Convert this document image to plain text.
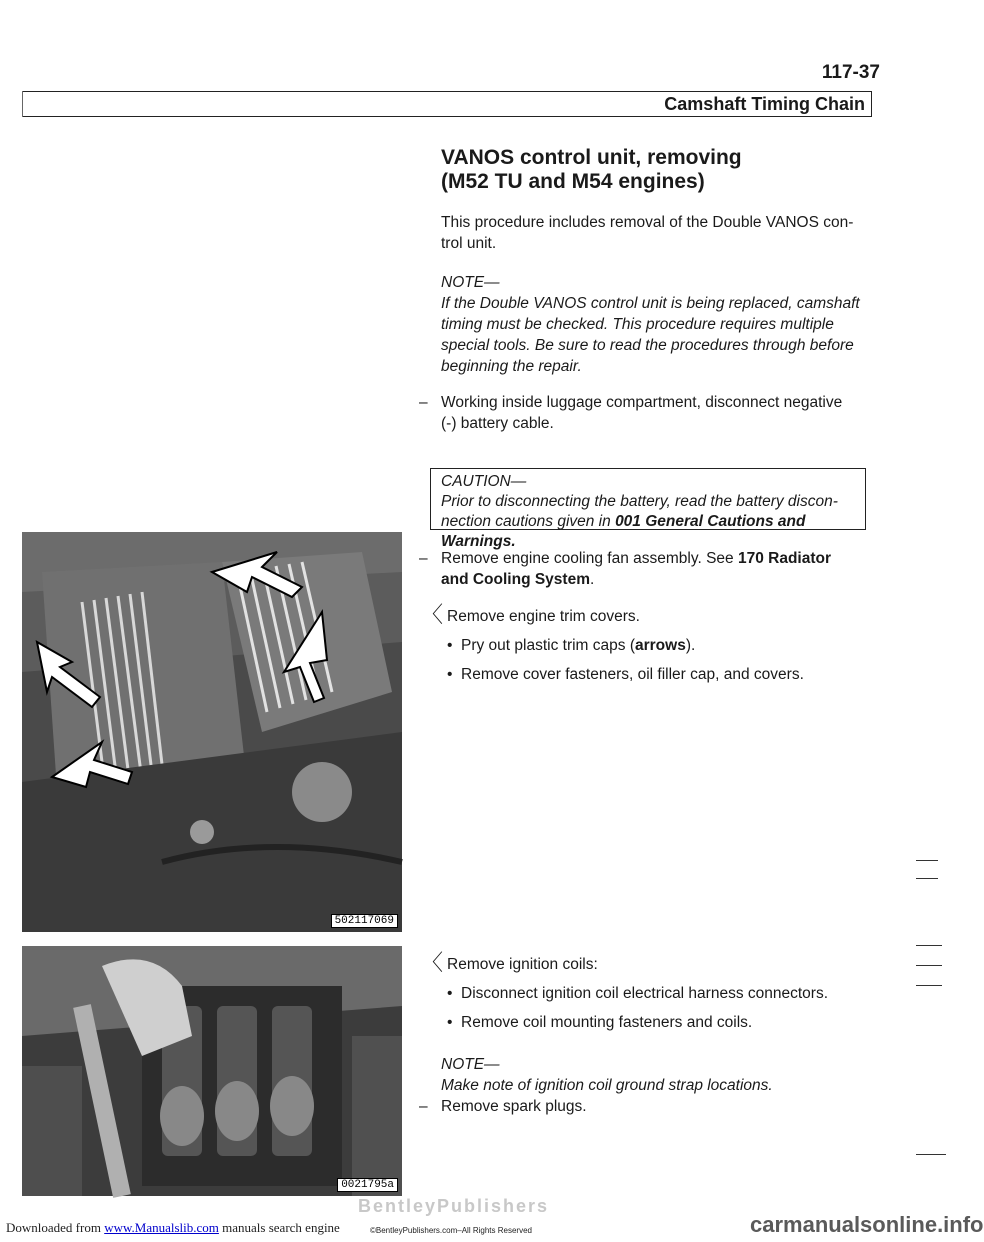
117-37
Camshaft Timing Chain
VANOS control unit, removing
(M52 TU and M54 engines)
This procedure includes removal of the Double VANOS con-
trol unit.
NOTE—
If the Double VANOS control unit is being replaced, camshaft
timing must be checked. This procedure requires multiple
special tools. Be sure to read the procedures through before
beginning the repair.
– Working inside luggage compartment, disconnect negative
(-) battery cable.
CAUTION—
Prior to disconnecting the battery, read the battery discon-
nection cautions given in 001 General Cautions and
Warnings.
502117069
– Remove engine cooling fan assembly. See 170 Radiator
and Cooling System.
〈 Remove engine trim covers.
• Pry out plastic trim caps (arrows).
• Remove cover fasteners, oil filler cap, and covers.
0021795a
〈 Remove ignition coils:
• Disconnect ignition coil electrical harness connectors.
• Remove coil mounting fasteners and coils.
NOTE—
Make note of ignition coil ground strap locations.
– Remove spark plugs.
BentleyPublishers
Downloaded from www.Manualslib.com manuals search engine	©BentleyPublishers.com–All Rights Reserved	carmanualsonline.info
